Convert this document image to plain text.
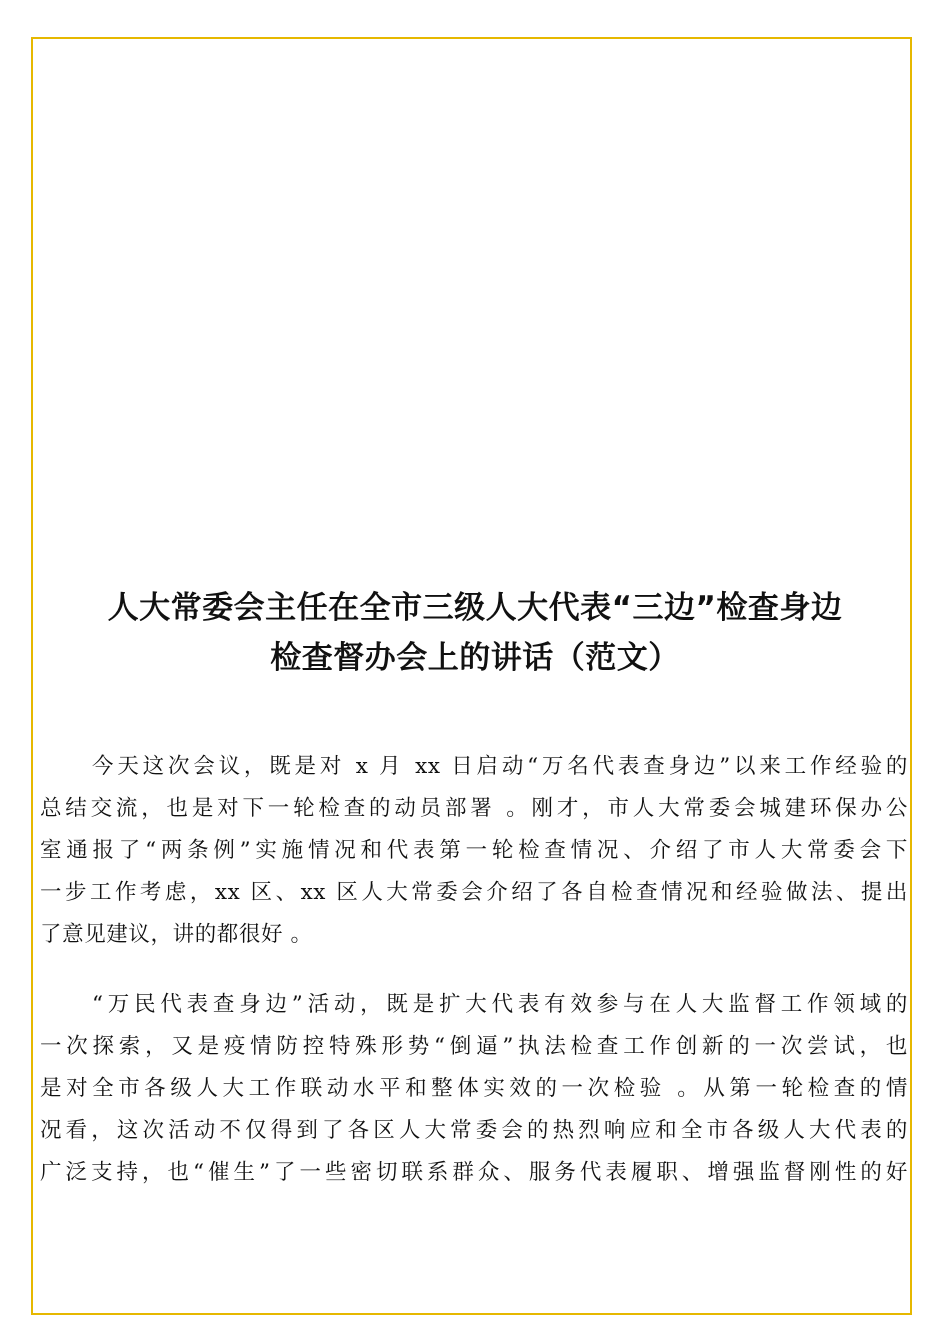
人大常委会主任在全市三级人大代表“三边”检查身边
检查督办会上的讲话（范文）

今天这次会议，既是对 x 月 xx 日启动“万名代表查身边”以来工作经验的
总结交流，也是对下一轮检查的动员部署 。刚才，市人大常委会城建环保办公
室通报了“两条例”实施情况和代表第一轮检查情况、介绍了市人大常委会下
一步工作考虑，xx 区、xx 区人大常委会介绍了各自检查情况和经验做法、提出
了意见建议，讲的都很好 。

“万民代表查身边”活动，既是扩大代表有效参与在人大监督工作领域的
一次探索，又是疫情防控特殊形势“倒逼”执法检查工作创新的一次尝试，也
是对全市各级人大工作联动水平和整体实效的一次检验 。从第一轮检查的情
况看，这次活动不仅得到了各区人大常委会的热烈响应和全市各级人大代表的
广泛支持，也“催生”了一些密切联系群众、服务代表履职、增强监督刚性的好
